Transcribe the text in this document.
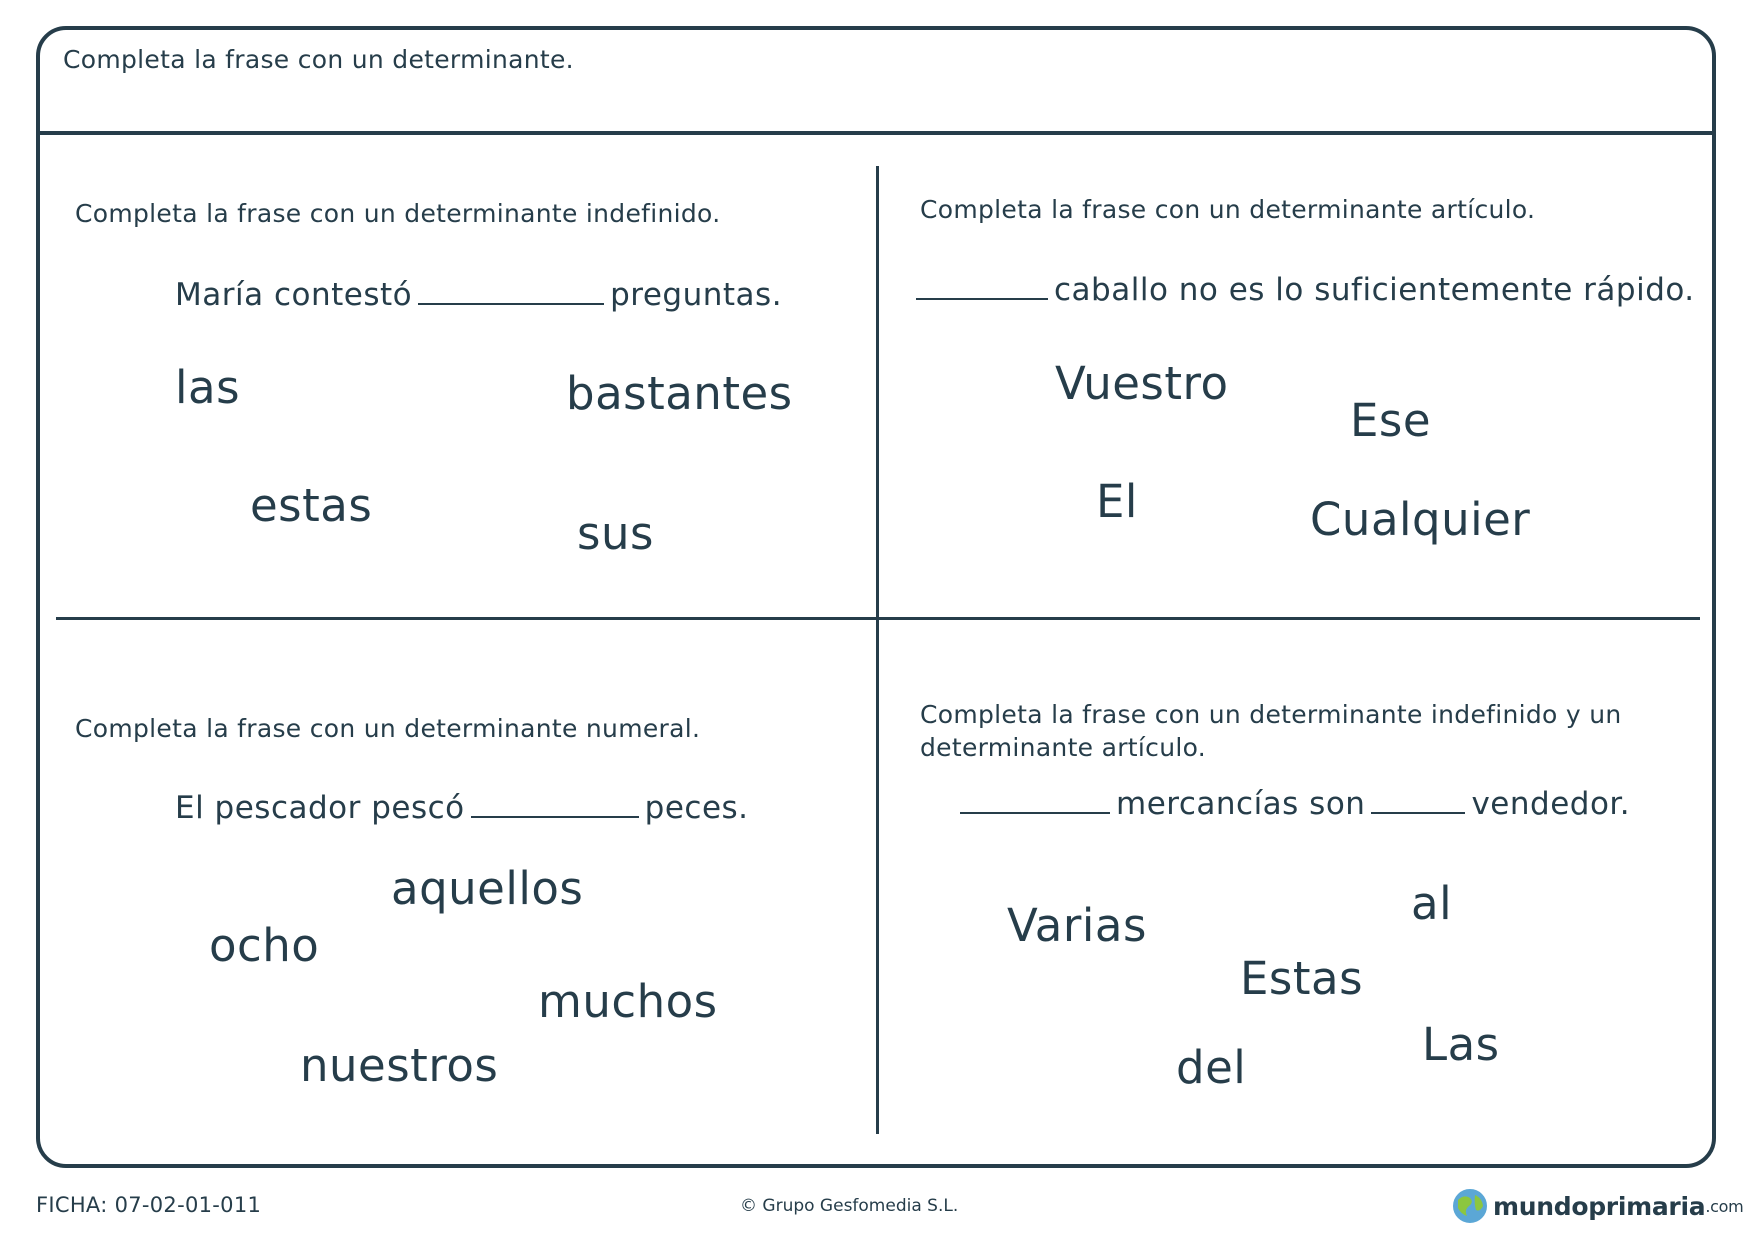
Completa la frase con un determinante.
Completa la frase con un determinante indefinido.
María contestó	preguntas.
las	bastantes
estas
sus
Completa la frase con un determinante artículo.
caballo no es lo suficientemente rápido.
Vuestro
Ese
El	Cualquier
Completa la frase con un determinante numeral.
El pescador pescó	peces.
aquellos
ocho
muchos
nuestros
Completa la frase con un determinante indefinido y un
determinante artículo.
mercancías son	vendedor.
Varias	al
Estas
del	Las
FICHA: 07-02-01-011	© Grupo Gesfomedia S.L.	mundoprimaria .com
